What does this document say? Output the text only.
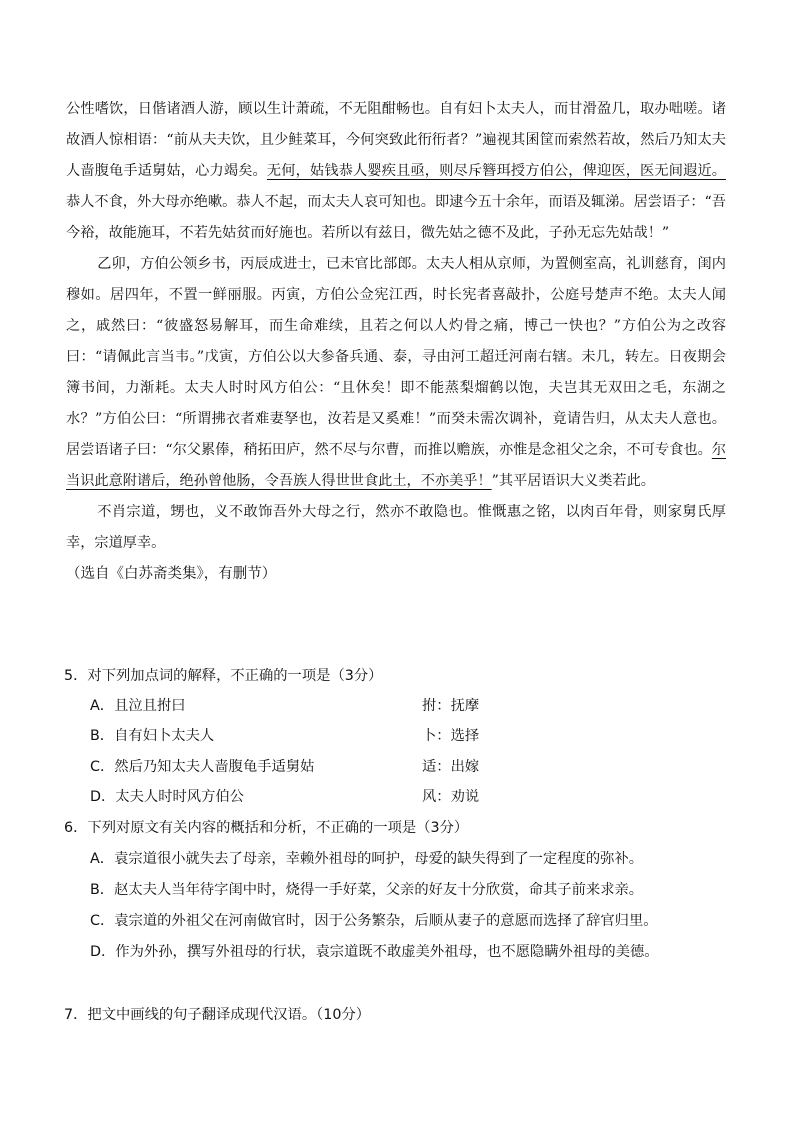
公性嗜饮，日偕诸酒人游，顾以生计萧疏，不无阻酣畅也。自有妇卜太夫人，而甘滑盈几，取办咄嗟。诸故酒人惊相语：“前从夫夫饮，且少鲑菜耳，今何突致此衎衎者？”遍视其囷筐而索然若故，然后乃知太夫人啬腹龟手适舅姑，心力竭矣。无何，姑钱恭人婴疾且亟，则尽斥簪珥授方伯公，俾迎医，医无间遐近。恭人不食，外大母亦绝嗽。恭人不起，而太夫人哀可知也。即逮今五十余年，而语及辄涕。居尝语子：“吾今裕，故能施耳，不若先姑贫而好施也。若所以有兹日，微先姑之德不及此，子孙无忘先姑哉！”

乙卯，方伯公领乡书，丙辰成进士，已未官比部郎。太夫人相从京师，为置侧室高，礼训慈育，闺内穆如。居四年，不置一鲜丽服。丙寅，方伯公佥宪江西，时长宪者喜敲扑，公庭号楚声不绝。太夫人闻之，戚然曰：“彼盛怒易解耳，而生命难续，且若之何以人灼骨之痛，博己一快也？”方伯公为之改容曰：“请佩此言当韦。”戊寅，方伯公以大参备兵通、泰，寻由河工超迁河南右辖。未几，转左。日夜期会簿书间，力渐耗。太夫人时时风方伯公：“且休矣！即不能蒸梨熘鹤以饱，夫岂其无双田之毛，东湖之水？”方伯公曰：“所谓拂衣者难妻孥也，汝若是又奚难！”而癸未需次调补，竟请告归，从太夫人意也。居尝语诸子曰：“尔父累俸，稍拓田庐，然不尽与尔曹，而推以赡族，亦惟是念祖父之余，不可专食也。尔当识此意附谱后，绝孙曾他肠，令吾族人得世世食此土，不亦美乎！”其平居语识大义类若此。

不肖宗道，甥也，义不敢饰吾外大母之行，然亦不敢隐也。惟慨惠之铭，以肉百年骨，则家舅氏厚幸，宗道厚幸。

（选自《白苏斋类集》，有删节）

5．对下列加点词的解释，不正确的一项是（3分）
A．且泣且拊曰	拊：抚摩
B．自有妇卜太夫人	卜：选择
C．然后乃知太夫人啬腹龟手适舅姑	适：出嫁
D．太夫人时时风方伯公	风：劝说
6．下列对原文有关内容的概括和分析，不正确的一项是（3分）
A．袁宗道很小就失去了母亲，幸赖外祖母的呵护，母爱的缺失得到了一定程度的弥补。
B．赵太夫人当年待字闺中时，烧得一手好菜，父亲的好友十分欣赏，命其子前来求亲。
C．袁宗道的外祖父在河南做官时，因于公务繁杂，后顺从妻子的意愿而选择了辞官归里。
D．作为外孙，撰写外祖母的行状，袁宗道既不敢虚美外祖母，也不愿隐瞒外祖母的美德。
7．把文中画线的句子翻译成现代汉语。（10分）
